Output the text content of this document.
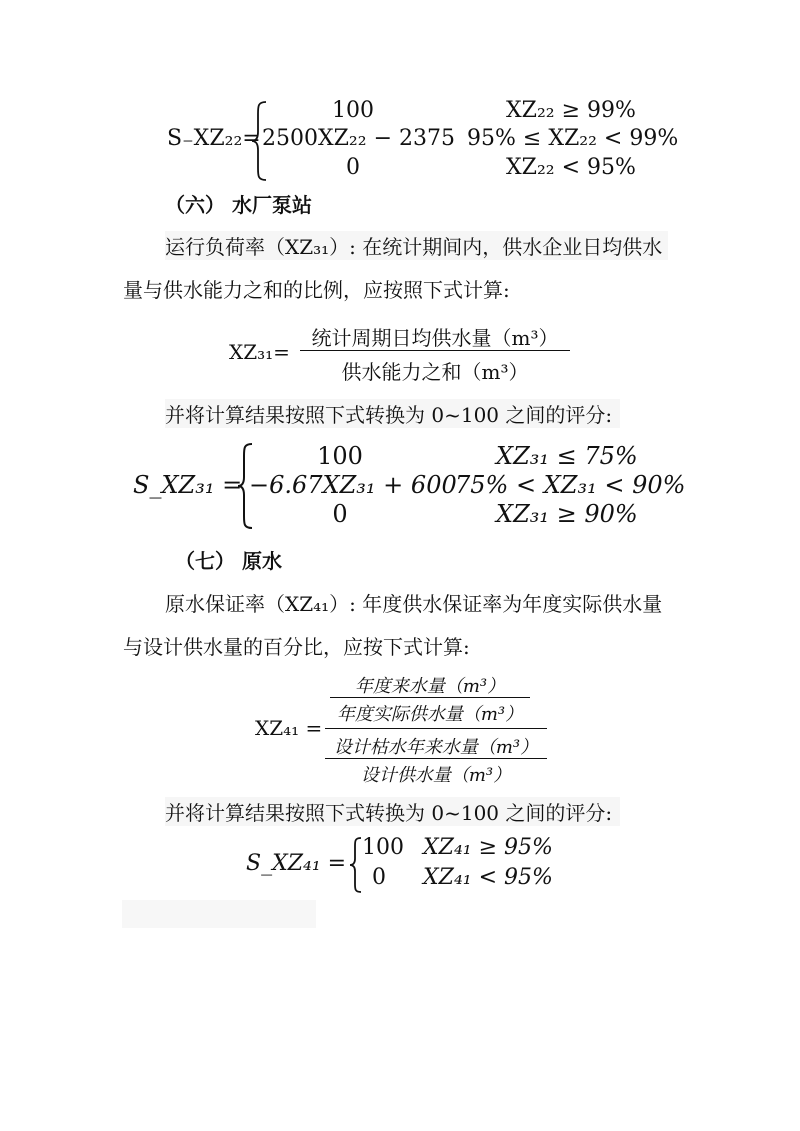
S₋XZ₂₂=
100	XZ₂₂ ≥ 99%
2500XZ₂₂ − 2375 95% ≤ XZ₂₂ < 99%
0	XZ₂₂ < 95%
（六） 水厂泵站
运行负荷率（XZ₃₁）: 在统计期间内，供水企业日均供水
量与供水能力之和的比例，应按照下式计算:
XZ₃₁=
统计周期日均供水量（m³）
供水能力之和（m³）
并将计算结果按照下式转换为 0~100 之间的评分:
S_XZ₃₁ =
100	XZ₃₁ ≤ 75%
−6.67XZ₃₁ + 600
75% < XZ₃₁ < 90%
0	XZ₃₁ ≥ 90%
（七） 原水
原水保证率（XZ₄₁）: 年度供水保证率为年度实际供水量
与设计供水量的百分比，应按下式计算:
XZ₄₁ =
年度来水量（m³）
年度实际供水量（m³）
设计枯水年来水量（m³）
设计供水量（m³）
并将计算结果按照下式转换为 0~100 之间的评分:
S_XZ₄₁ =
100 XZ₄₁ ≥ 95%
0 XZ₄₁ < 95%
